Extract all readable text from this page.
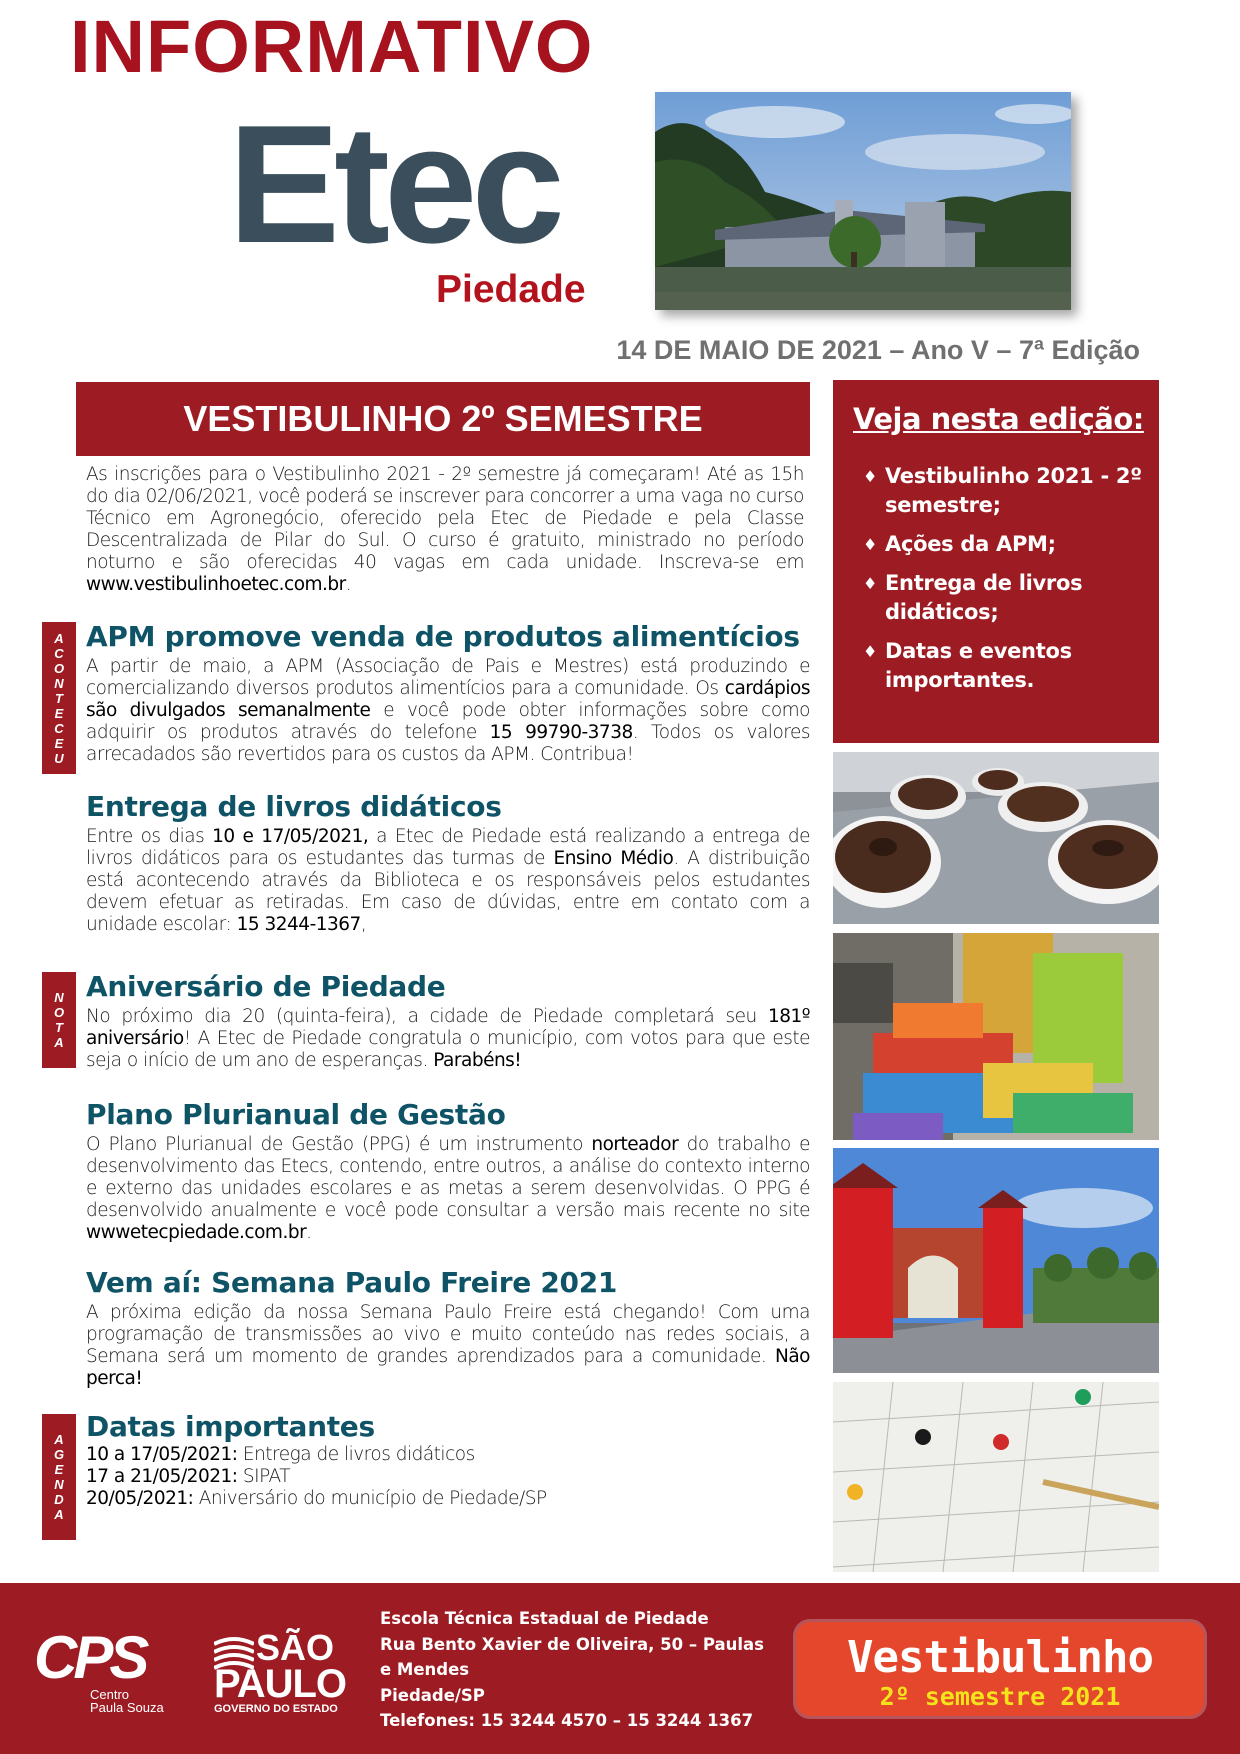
INFORMATIVO
Etec
Piedade
14 DE MAIO DE 2021 – Ano V – 7ª Edição
VESTIBULINHO 2º SEMESTRE
As inscrições para o Vestibulinho 2021 - 2º semestre já começaram! Até as 15h do dia 02/06/2021, você poderá se inscrever para concorrer a uma vaga no curso Técnico em Agronegócio, oferecido pela Etec de Piedade e pela Classe Descentralizada de Pilar do Sul. O curso é gratuito, ministrado no período noturno e são oferecidas 40 vagas em cada unidade. Inscreva-se em www.vestibulinhoetec.com.br.
A
C
O
N
T
E
C
E
U
APM promove venda de produtos alimentícios
A partir de maio, a APM (Associação de Pais e Mestres) está produzindo e comercializando diversos produtos alimentícios para a comunidade. Os cardápios são divulgados semanalmente e você pode obter informações sobre como adquirir os produtos através do telefone 15 99790-3738. Todos os valores arrecadados são revertidos para os custos da APM. Contribua!
Entrega de livros didáticos
Entre os dias 10 e 17/05/2021, a Etec de Piedade está realizando a entrega de livros didáticos para os estudantes das turmas de Ensino Médio. A distribuição está acontecendo através da Biblioteca e os responsáveis pelos estudantes devem efetuar as retiradas. Em caso de dúvidas, entre em contato com a unidade escolar: 15 3244-1367,
N
O
T
A
Aniversário de Piedade
No próximo dia 20 (quinta-feira), a cidade de Piedade completará seu 181º aniversário! A Etec de Piedade congratula o município, com votos para que este seja o início de um ano de esperanças. Parabéns!
Plano Plurianual de Gestão
O Plano Plurianual de Gestão (PPG) é um instrumento norteador do trabalho e desenvolvimento das Etecs, contendo, entre outros, a análise do contexto interno e externo das unidades escolares e as metas a serem desenvolvidas. O PPG é desenvolvido anualmente e você pode consultar a versão mais recente no site wwwetecpiedade.com.br.
Vem aí: Semana Paulo Freire 2021
A próxima edição da nossa Semana Paulo Freire está chegando! Com uma programação de transmissões ao vivo e muito conteúdo nas redes sociais, a Semana será um momento de grandes aprendizados para a comunidade. Não perca!
A
G
E
N
D
A
Datas importantes
10 a 17/05/2021: Entrega de livros didáticos
17 a 21/05/2021: SIPAT
20/05/2021: Aniversário do município de Piedade/SP
Veja nesta edição:
♦ Vestibulinho 2021 - 2º semestre;
♦ Ações da APM;
♦ Entrega de livros didáticos;
♦ Datas e eventos importantes.
CPS
Centro
Paula Souza
SÃO
PAULO
GOVERNO DO ESTADO
Escola Técnica Estadual de Piedade
Rua Bento Xavier de Oliveira, 50 – Paulas e Mendes
Piedade/SP
Telefones: 15 3244 4570 – 15 3244 1367
Vestibulinho
2º semestre 2021
